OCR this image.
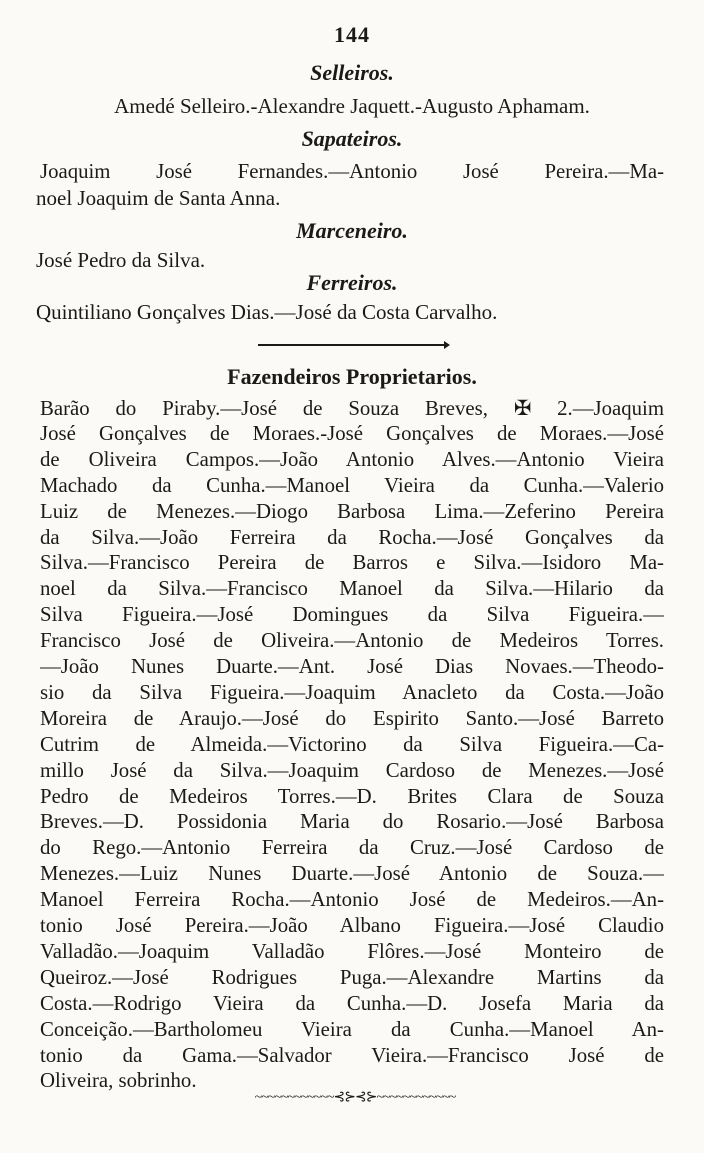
144
Selleiros.
Amedé Selleiro.-Alexandre Jaquett.-Augusto Aphamam.
Sapateiros.
Joaquim José Fernandes.—Antonio José Pereira.—Ma-
noel Joaquim de Santa Anna.
Marceneiro.
José Pedro da Silva.
Ferreiros.
Quintiliano Gonçalves Dias.—José da Costa Carvalho.
Fazendeiros Proprietarios.
Barão do Piraby.—José de Souza Breves, ✠ 2.—Joaquim
José Gonçalves de Moraes.-José Gonçalves de Moraes.—José
de Oliveira Campos.—João Antonio Alves.—Antonio Vieira
Machado da Cunha.—Manoel Vieira da Cunha.—Valerio
Luiz de Menezes.—Diogo Barbosa Lima.—Zeferino Pereira
da Silva.—João Ferreira da Rocha.—José Gonçalves da
Silva.—Francisco Pereira de Barros e Silva.—Isidoro Ma-
noel da Silva.—Francisco Manoel da Silva.—Hilario da
Silva Figueira.—José Domingues da Silva Figueira.—
Francisco José de Oliveira.—Antonio de Medeiros Torres.
—João Nunes Duarte.—Ant. José Dias Novaes.—Theodo-
sio da Silva Figueira.—Joaquim Anacleto da Costa.—João
Moreira de Araujo.—José do Espirito Santo.—José Barreto
Cutrim de Almeida.—Victorino da Silva Figueira.—Ca-
millo José da Silva.—Joaquim Cardoso de Menezes.—José
Pedro de Medeiros Torres.—D. Brites Clara de Souza
Breves.—D. Possidonia Maria do Rosario.—José Barbosa
do Rego.—Antonio Ferreira da Cruz.—José Cardoso de
Menezes.—Luiz Nunes Duarte.—José Antonio de Souza.—
Manoel Ferreira Rocha.—Antonio José de Medeiros.—An-
tonio José Pereira.—João Albano Figueira.—José Claudio
Valladão.—Joaquim Valladão Flôres.—José Monteiro de
Queiroz.—José Rodrigues Puga.—Alexandre Martins da
Costa.—Rodrigo Vieira da Cunha.—D. Josefa Maria da
Conceição.—Bartholomeu Vieira da Cunha.—Manoel An-
tonio da Gama.—Salvador Vieira.—Francisco José de
Oliveira, sobrinho.
~~~~~~~~~~~~⊰⊱⊰⊱~~~~~~~~~~~~
